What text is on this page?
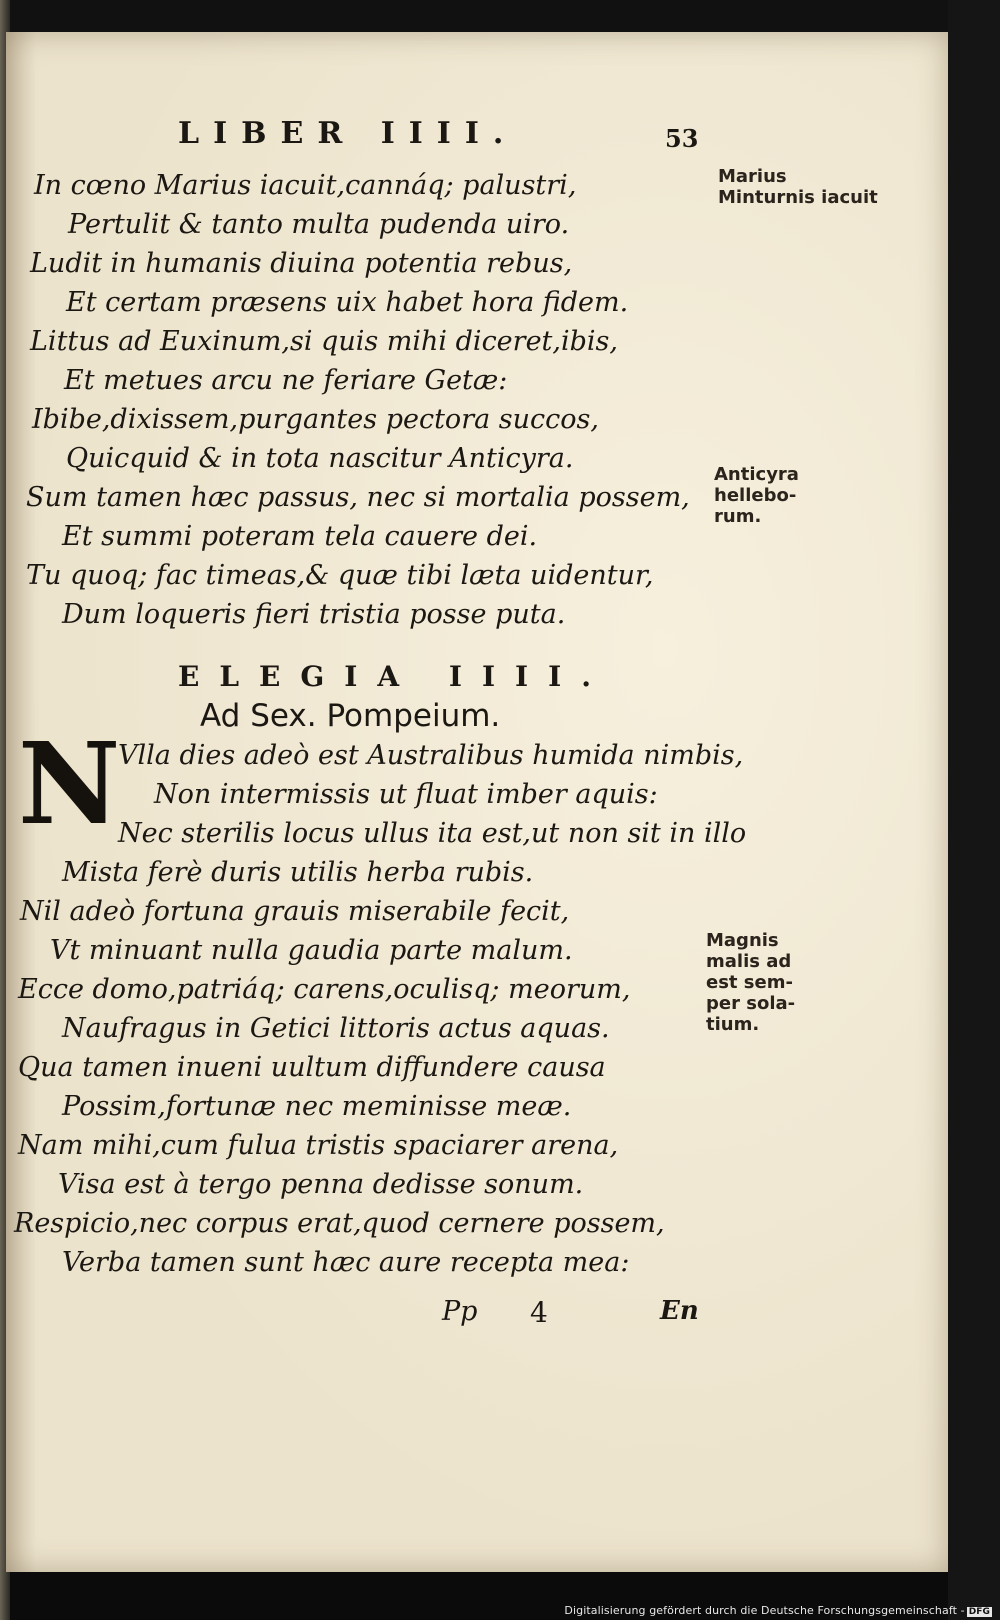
LIBER IIII.	53
In cœno Marius iacuit,cannáq; palustri,
Pertulit & tanto multa pudenda uiro.
Ludit in humanis diuina potentia rebus,
Et certam præsens uix habet hora fidem.
Littus ad Euxinum,si quis mihi diceret,ibis,
Et metues arcu ne feriare Getæ:
Ibibe,dixissem,purgantes pectora succos,
Quicquid & in tota nascitur Anticyra.
Sum tamen hæc passus, nec si mortalia possem,
Et summi poteram tela cauere dei.
Tu quoq; fac timeas,& quæ tibi læta uidentur,
Dum loqueris fieri tristia posse puta.
ELEGIA IIII.
Ad Sex. Pompeium.
N
Vlla dies adeò est Australibus humida nimbis,
Non intermissis ut fluat imber aquis:
Nec sterilis locus ullus ita est,ut non sit in illo
Mista ferè duris utilis herba rubis.
Nil adeò fortuna grauis miserabile fecit,
Vt minuant nulla gaudia parte malum.
Ecce domo,patriáq; carens,oculisq; meorum,
Naufragus in Getici littoris actus aquas.
Qua tamen inueni uultum diffundere causa
Possim,fortunæ nec meminisse meæ.
Nam mihi,cum fulua tristis spaciarer arena,
Visa est à tergo penna dedisse sonum.
Respicio,nec corpus erat,quod cernere possem,
Verba tamen sunt hæc aure recepta mea:
Marius
Minturnis iacuit
Anticyra
hellebo-
rum.
Magnis
malis ad
est sem-
per sola-
tium.
Pp 4	En
Digitalisierung gefördert durch die Deutsche Forschungsgemeinschaft - DFG
